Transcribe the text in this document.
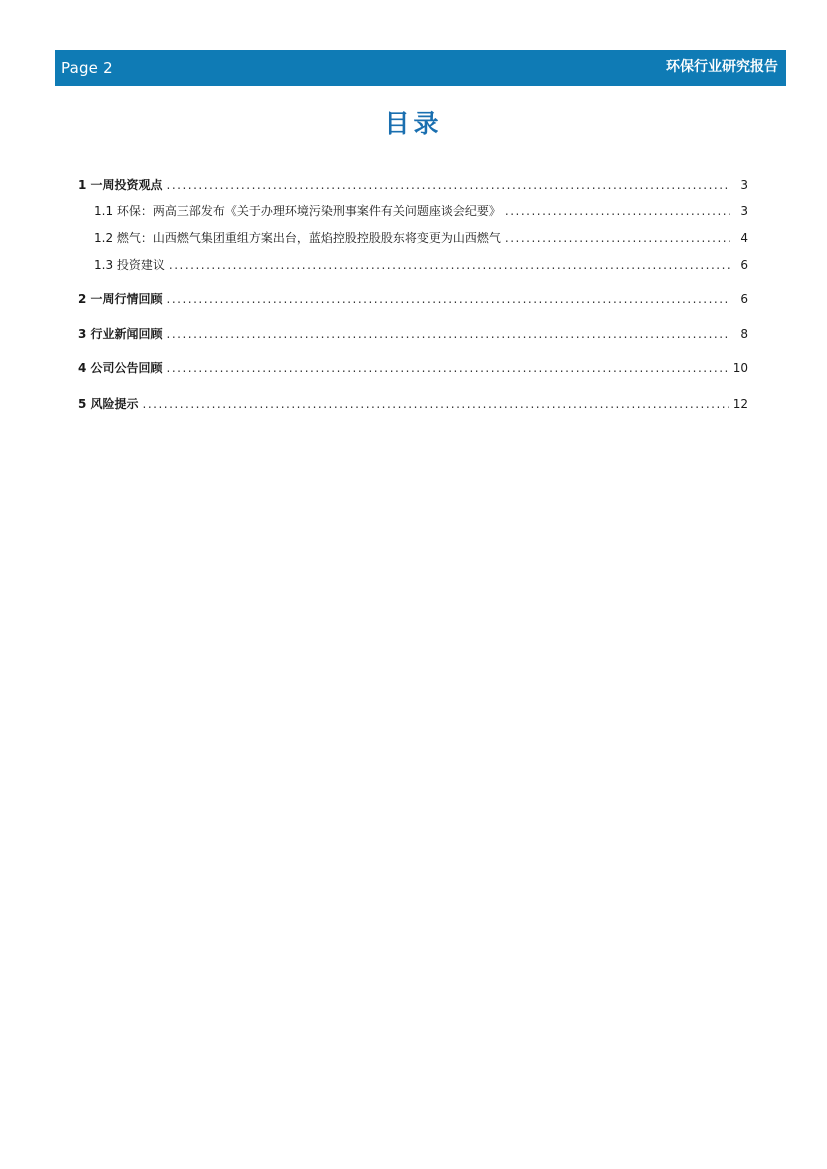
Page 2	环保行业研究报告
目录
1 一周投资观点 .....	3
1.1 环保：两高三部发布《关于办理环境污染刑事案件有关问题座谈会纪要》 .....	3
1.2 燃气：山西燃气集团重组方案出台，蓝焰控股控股股东将变更为山西燃气 .....	4
1.3 投资建议 .....	6
2 一周行情回顾 .....	6
3 行业新闻回顾 .....	8
4 公司公告回顾 .....	10
5 风险提示 .....	12
